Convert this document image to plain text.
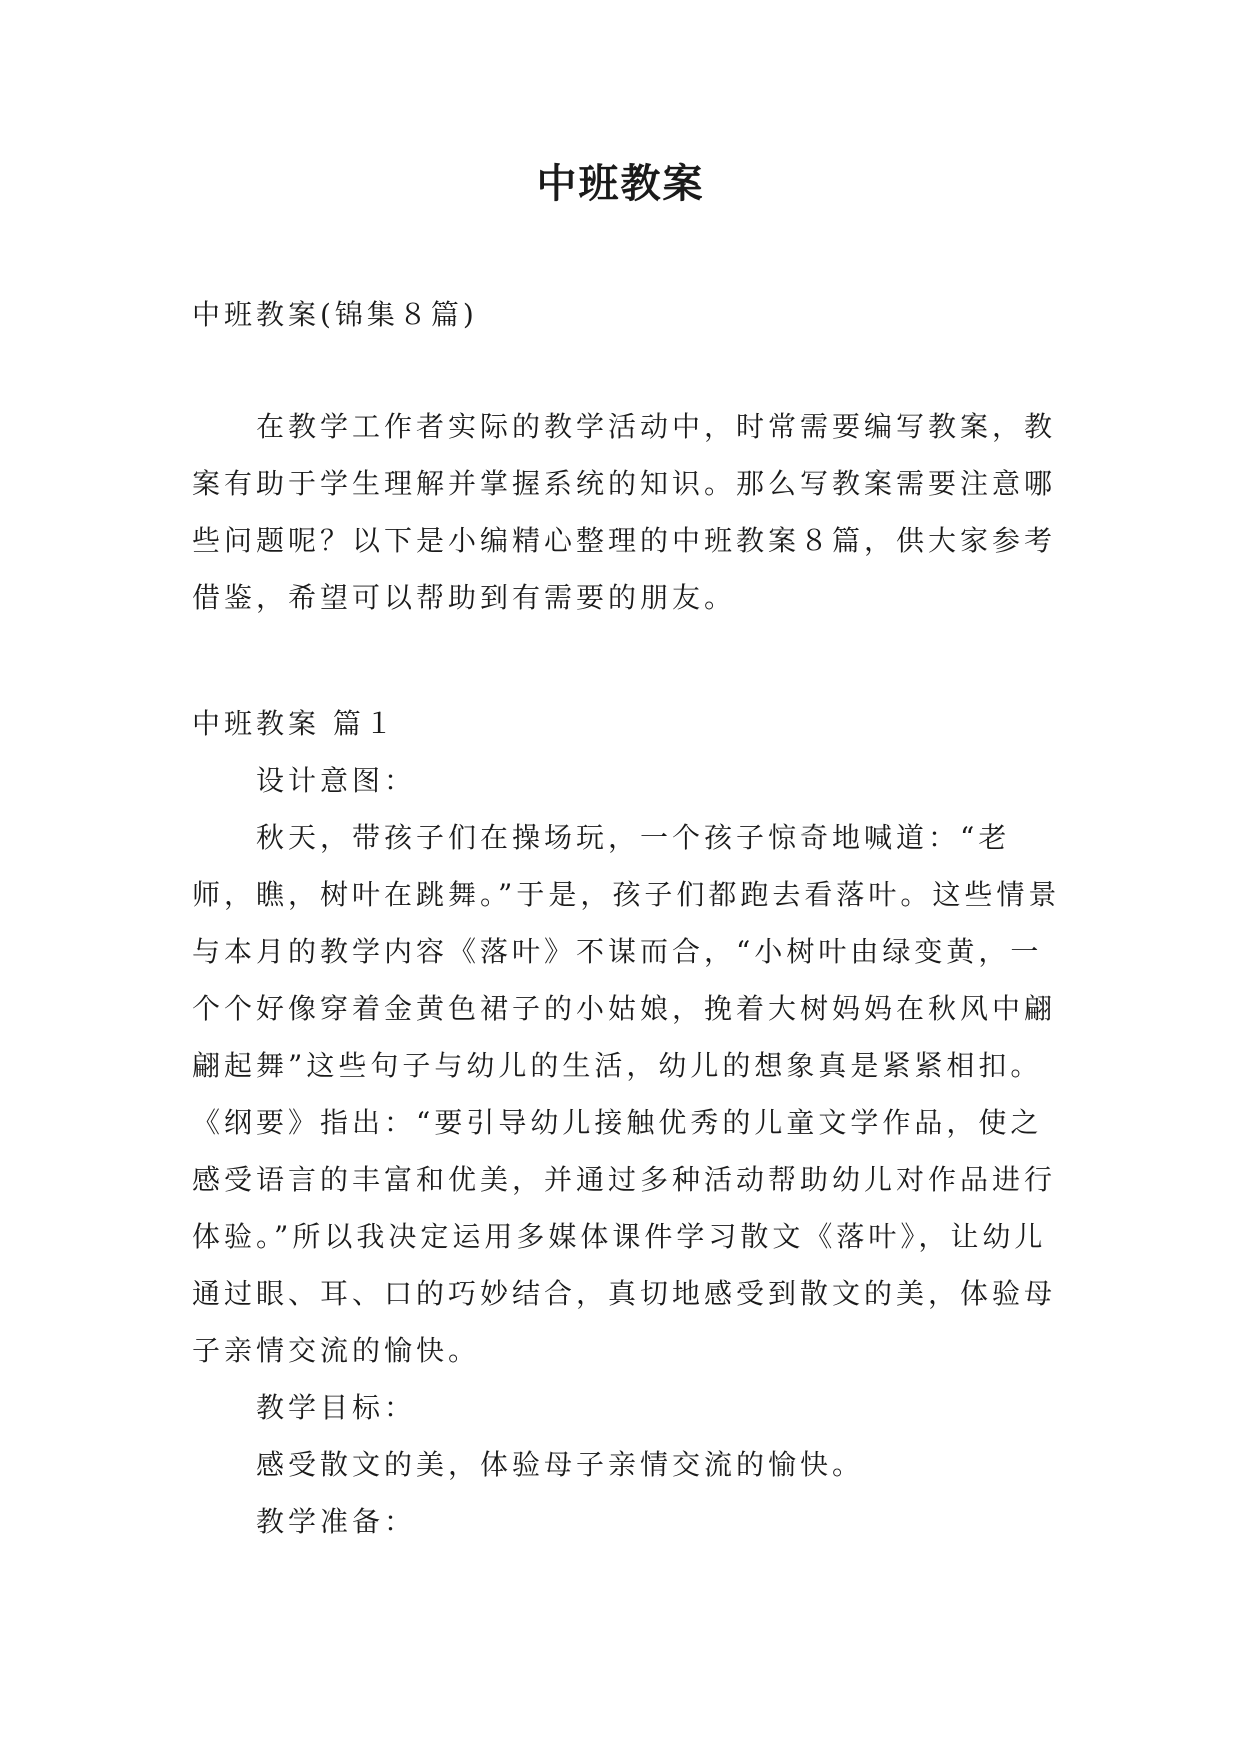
中班教案

中班教案(锦集８篇)

在教学工作者实际的教学活动中，时常需要编写教案，教案有助于学生理解并掌握系统的知识。那么写教案需要注意哪些问题呢？以下是小编精心整理的中班教案８篇，供大家参考借鉴，希望可以帮助到有需要的朋友。

中班教案 篇１

设计意图：

秋天，带孩子们在操场玩，一个孩子惊奇地喊道：“老师，瞧，树叶在跳舞。”于是，孩子们都跑去看落叶。这些情景与本月的教学内容《落叶》不谋而合，“小树叶由绿变黄，一个个好像穿着金黄色裙子的小姑娘，挽着大树妈妈在秋风中翩翩起舞”这些句子与幼儿的生活，幼儿的想象真是紧紧相扣。《纲要》指出：“要引导幼儿接触优秀的儿童文学作品，使之感受语言的丰富和优美，并通过多种活动帮助幼儿对作品进行体验。”所以我决定运用多媒体课件学习散文《落叶》，让幼儿通过眼、耳、口的巧妙结合，真切地感受到散文的美，体验母子亲情交流的愉快。

教学目标：

感受散文的美，体验母子亲情交流的愉快。

教学准备：
